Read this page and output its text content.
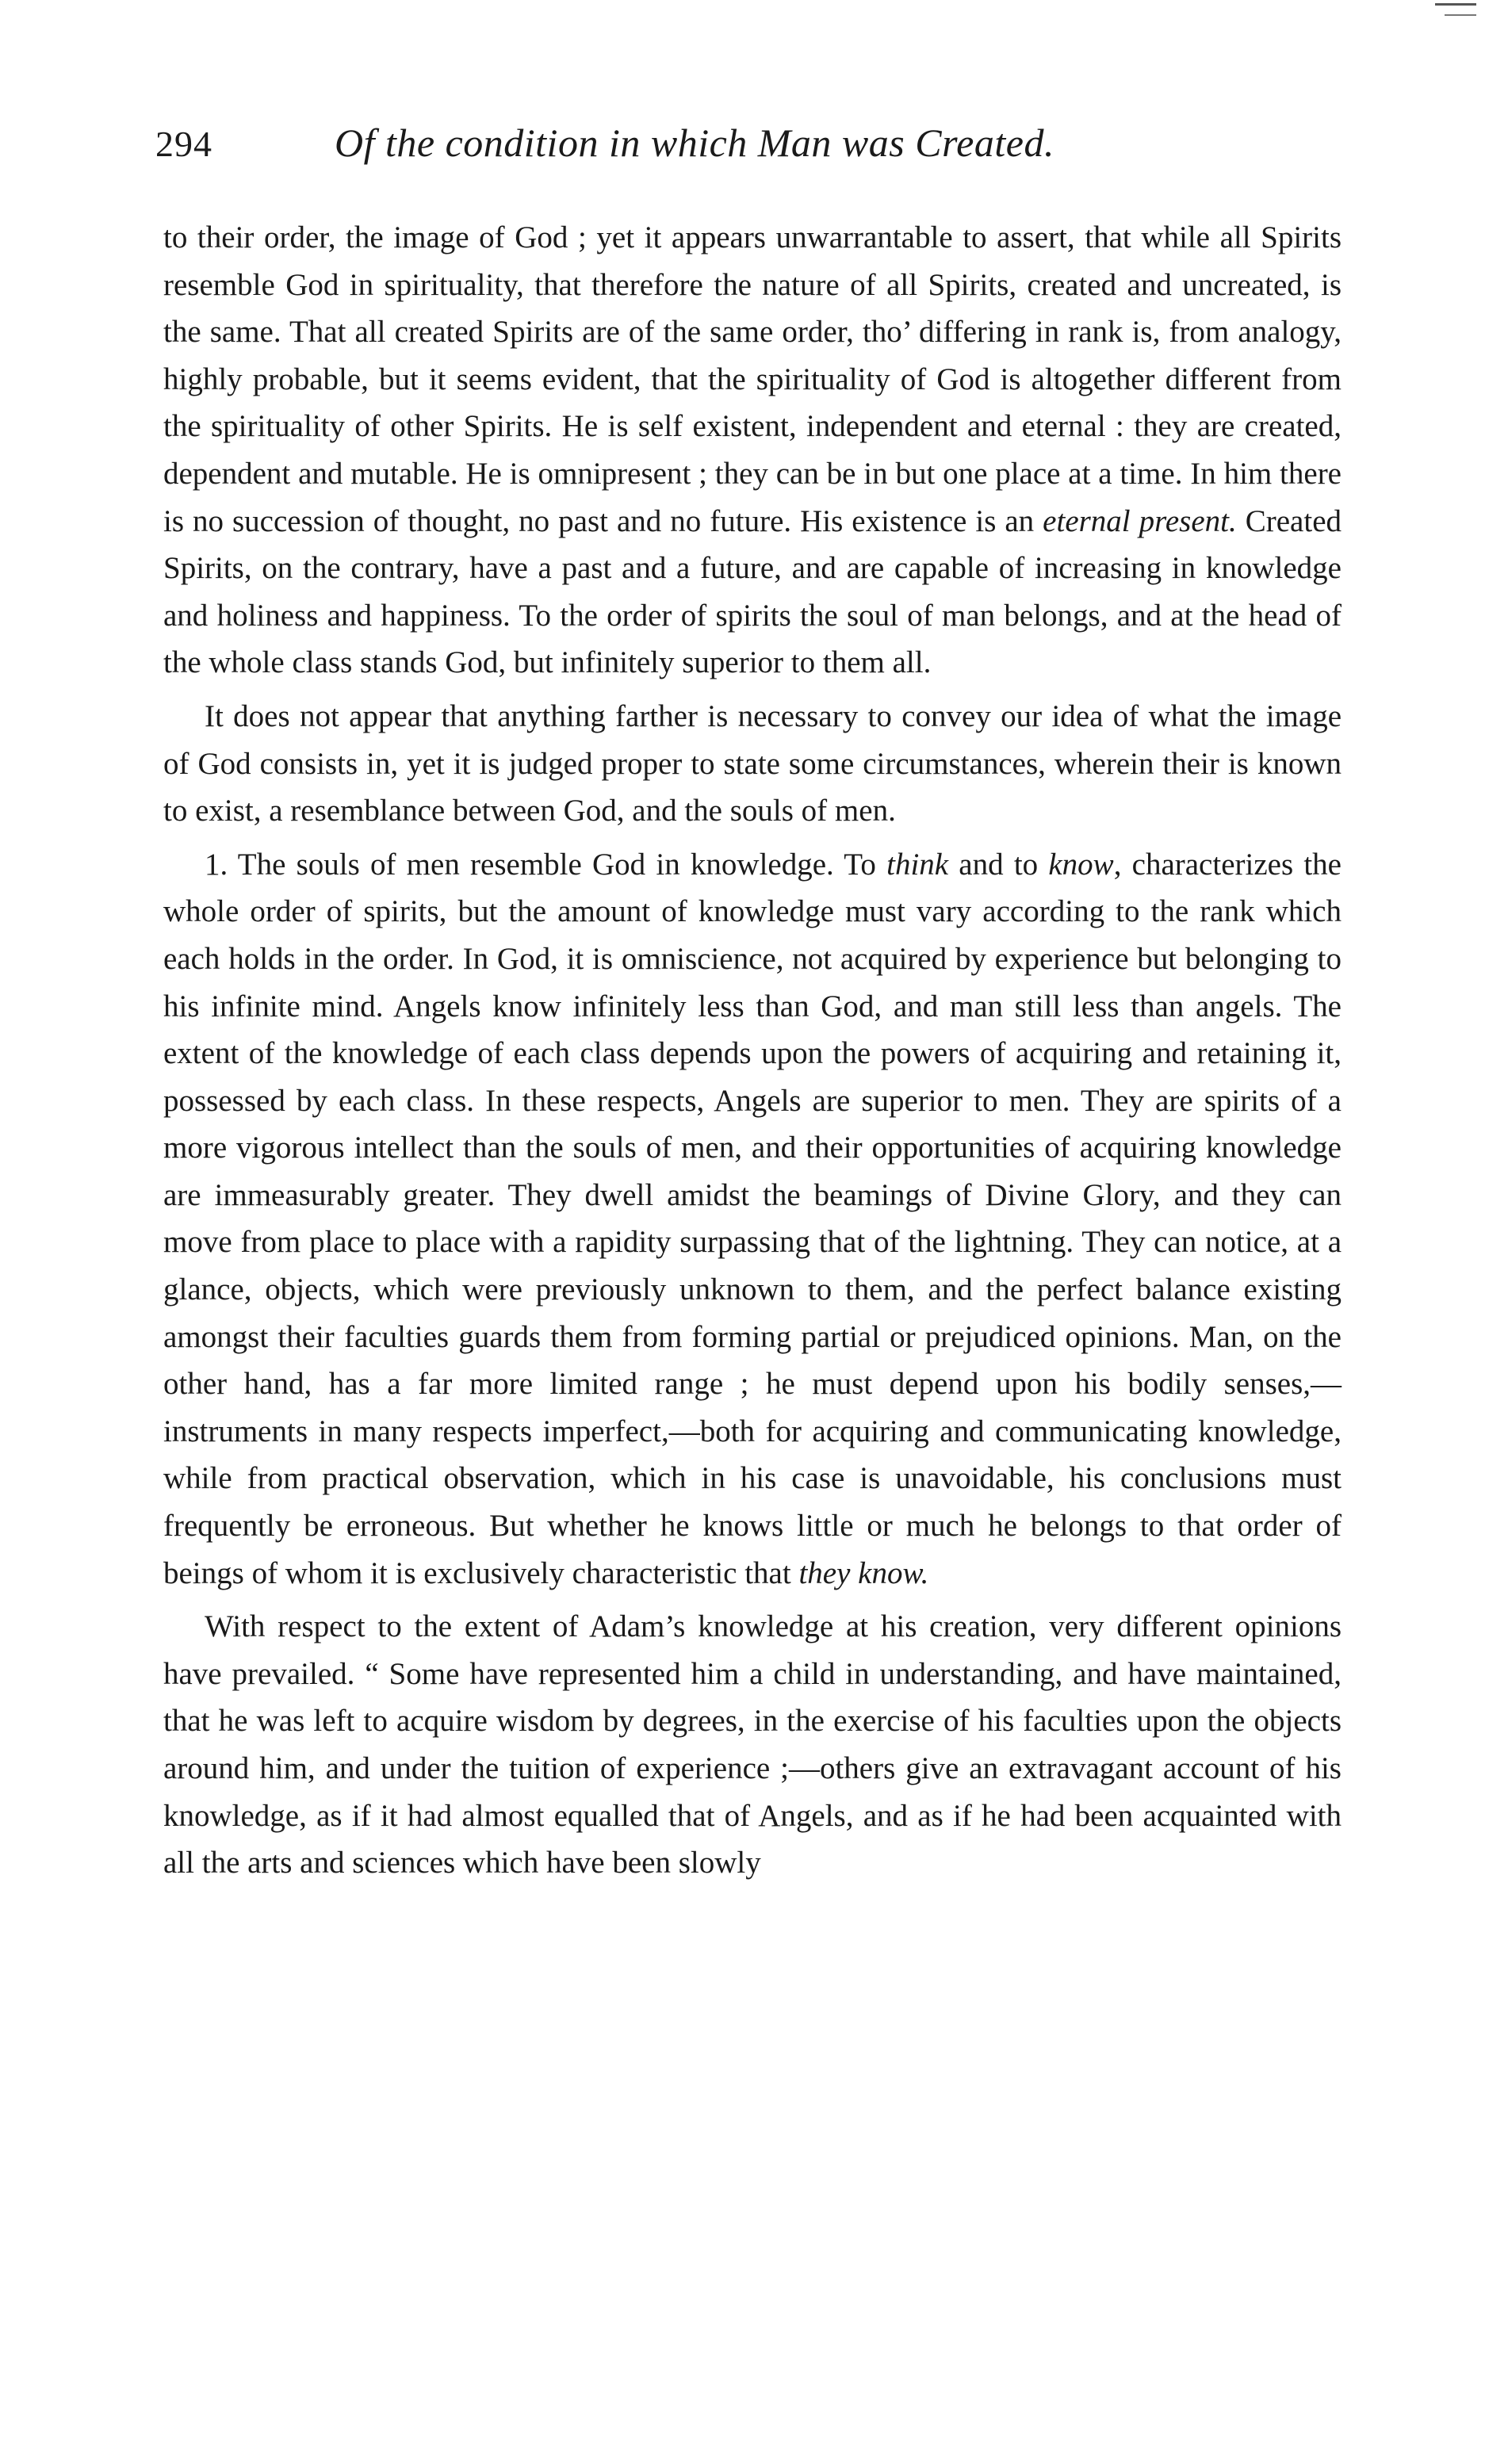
294	Of the condition in which Man was Created.

to their order, the image of God ; yet it appears unwarrantable to assert, that while all Spirits resemble God in spirituality, that therefore the nature of all Spirits, created and uncreated, is the same. That all created Spirits are of the same order, tho’ differing in rank is, from analogy, highly probable, but it seems evident, that the spirituality of God is altogether different from the spirituality of other Spirits. He is self existent, independent and eternal : they are created, dependent and mutable. He is omnipresent ; they can be in but one place at a time. In him there is no succession of thought, no past and no future. His existence is an eternal present. Created Spirits, on the contrary, have a past and a future, and are capable of increasing in knowledge and holiness and happiness. To the order of spirits the soul of man belongs, and at the head of the whole class stands God, but infinitely superior to them all.

It does not appear that anything farther is necessary to convey our idea of what the image of God consists in, yet it is judged proper to state some circumstances, wherein their is known to exist, a resemblance between God, and the souls of men.

1. The souls of men resemble God in knowledge. To think and to know, characterizes the whole order of spirits, but the amount of knowledge must vary according to the rank which each holds in the order. In God, it is omniscience, not acquired by experience but belonging to his infinite mind. Angels know infinitely less than God, and man still less than angels. The extent of the knowledge of each class depends upon the powers of acquiring and retaining it, possessed by each class. In these respects, Angels are superior to men. They are spirits of a more vigorous intellect than the souls of men, and their opportunities of acquiring knowledge are immeasurably greater. They dwell amidst the beamings of Divine Glory, and they can move from place to place with a rapidity surpassing that of the lightning. They can notice, at a glance, objects, which were previously unknown to them, and the perfect balance existing amongst their faculties guards them from forming partial or prejudiced opinions. Man, on the other hand, has a far more limited range ; he must depend upon his bodily senses,—instruments in many respects imperfect,—both for acquiring and communicating knowledge, while from practical observation, which in his case is unavoidable, his conclusions must frequently be erroneous. But whether he knows little or much he belongs to that order of beings of whom it is exclusively characteristic that they know.

With respect to the extent of Adam’s knowledge at his creation, very different opinions have prevailed. “ Some have represented him a child in understanding, and have maintained, that he was left to acquire wisdom by degrees, in the exercise of his faculties upon the objects around him, and under the tuition of experience ;—others give an extravagant account of his knowledge, as if it had almost equalled that of Angels, and as if he had been acquainted with all the arts and sciences which have been slowly
